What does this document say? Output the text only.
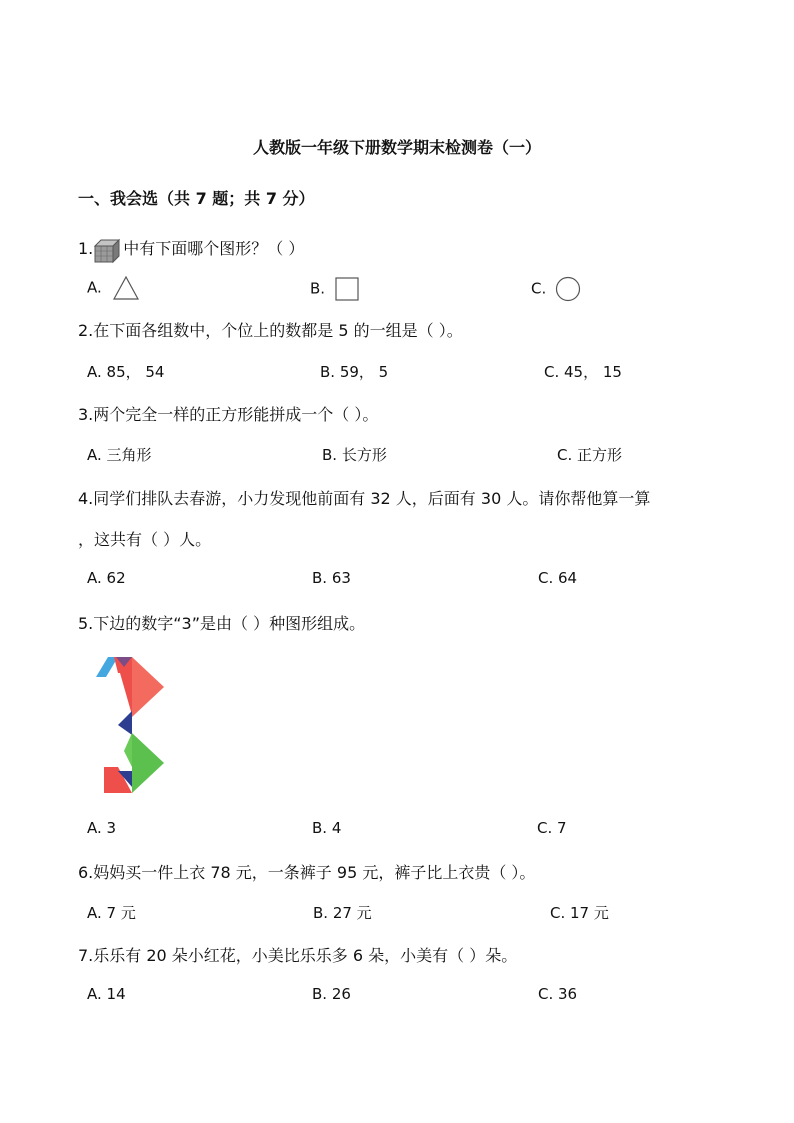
人教版一年级下册数学期末检测卷（一）
一、我会选（共 7 题；共 7 分）
1. 中有下面哪个图形？（ ）
A.	B.	C.
2.在下面各组数中，个位上的数都是 5 的一组是（ ）。
A. 85， 54	B. 59， 5	C. 45， 15
3.两个完全一样的正方形能拼成一个（ ）。
A. 三角形	B. 长方形	C. 正方形
4.同学们排队去春游，小力发现他前面有 32 人，后面有 30 人。请你帮他算一算
，这共有（ ）人。
A. 62	B. 63	C. 64
5.下边的数字“3”是由（ ）种图形组成。
A. 3	B. 4	C. 7
6.妈妈买一件上衣 78 元，一条裤子 95 元，裤子比上衣贵（ ）。
A. 7 元	B. 27 元	C. 17 元
7.乐乐有 20 朵小红花，小美比乐乐多 6 朵，小美有（ ）朵。
A. 14	B. 26	C. 36
